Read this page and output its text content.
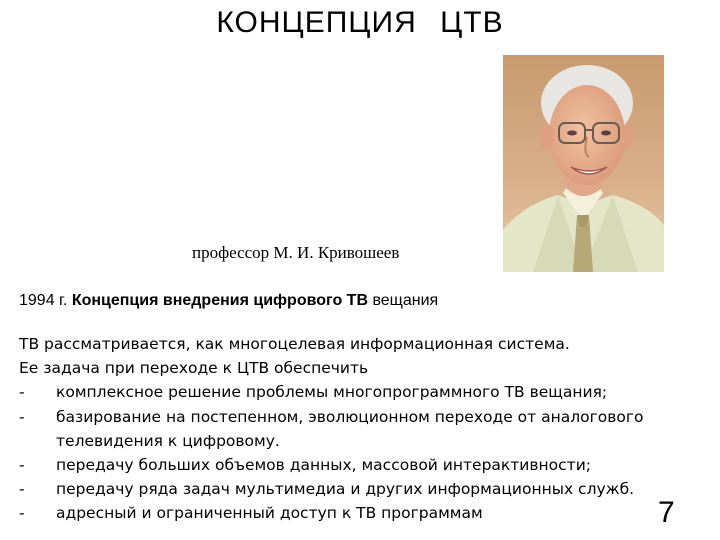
КОНЦЕПЦИЯ ЦТВ
профессор М. И. Кривошеев
1994 г. Концепция внедрения цифрового ТВ вещания
ТВ рассматривается, как многоцелевая информационная система.
Ее задача при переходе к ЦТВ обеспечить
- комплексное решение проблемы многопрограммного ТВ вещания;
- базирование на постепенном, эволюционном переходе от аналогового
телевидения к цифровому.
- передачу больших объемов данных, массовой интерактивности;
- передачу ряда задач мультимедиа и других информационных служб.
- адресный и ограниченный доступ к ТВ программам	7
